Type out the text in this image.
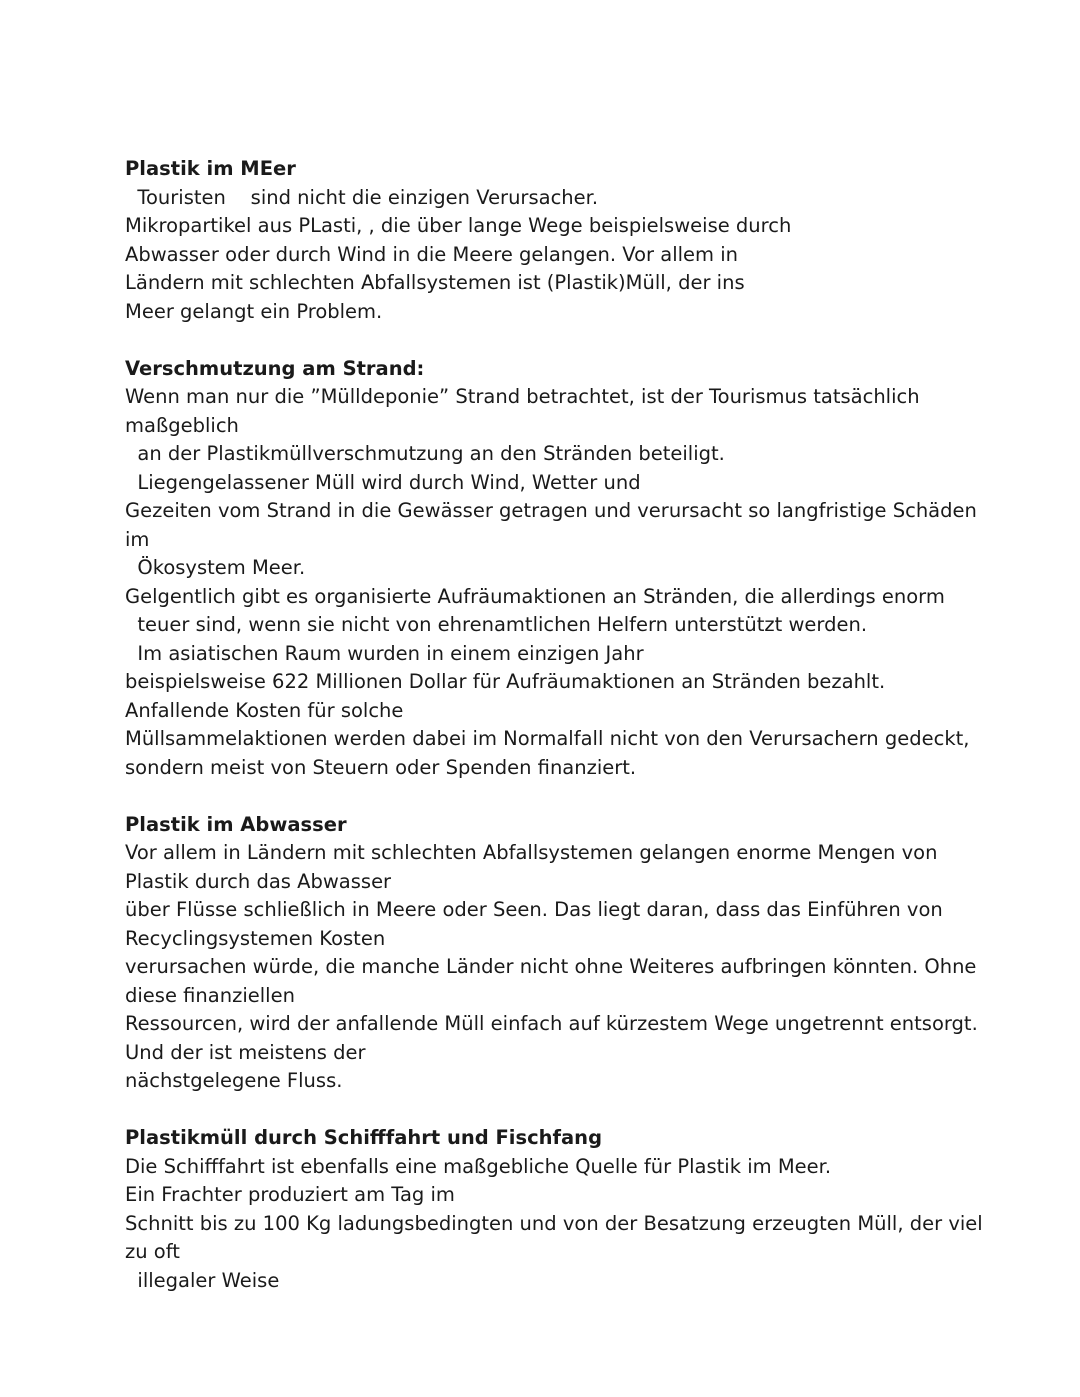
Plastik im MEer
Touristen    sind nicht die einzigen Verursacher.
Mikropartikel aus PLasti, , die über lange Wege beispielsweise durch
Abwasser oder durch Wind in die Meere gelangen. Vor allem in
Ländern mit schlechten Abfallsystemen ist (Plastik)Müll, der ins
Meer gelangt ein Problem.
Verschmutzung am Strand:
Wenn man nur die ”Mülldeponie” Strand betrachtet, ist der Tourismus tatsächlich
maßgeblich
an der Plastikmüllverschmutzung an den Stränden beteiligt.
Liegengelassener Müll wird durch Wind, Wetter und
Gezeiten vom Strand in die Gewässer getragen und verursacht so langfristige Schäden
im
Ökosystem Meer.
Gelgentlich gibt es organisierte Aufräumaktionen an Stränden, die allerdings enorm
teuer sind, wenn sie nicht von ehrenamtlichen Helfern unterstützt werden.
Im asiatischen Raum wurden in einem einzigen Jahr
beispielsweise 622 Millionen Dollar für Aufräumaktionen an Stränden bezahlt.
Anfallende Kosten für solche
Müllsammelaktionen werden dabei im Normalfall nicht von den Verursachern gedeckt,
sondern meist von Steuern oder Spenden finanziert.
Plastik im Abwasser
Vor allem in Ländern mit schlechten Abfallsystemen gelangen enorme Mengen von
Plastik durch das Abwasser
über Flüsse schließlich in Meere oder Seen. Das liegt daran, dass das Einführen von
Recyclingsystemen Kosten
verursachen würde, die manche Länder nicht ohne Weiteres aufbringen könnten. Ohne
diese finanziellen
Ressourcen, wird der anfallende Müll einfach auf kürzestem Wege ungetrennt entsorgt.
Und der ist meistens der
nächstgelegene Fluss.
Plastikmüll durch Schifffahrt und Fischfang
Die Schifffahrt ist ebenfalls eine maßgebliche Quelle für Plastik im Meer.
Ein Frachter produziert am Tag im
Schnitt bis zu 100 Kg ladungsbedingten und von der Besatzung erzeugten Müll, der viel
zu oft
illegaler Weise
